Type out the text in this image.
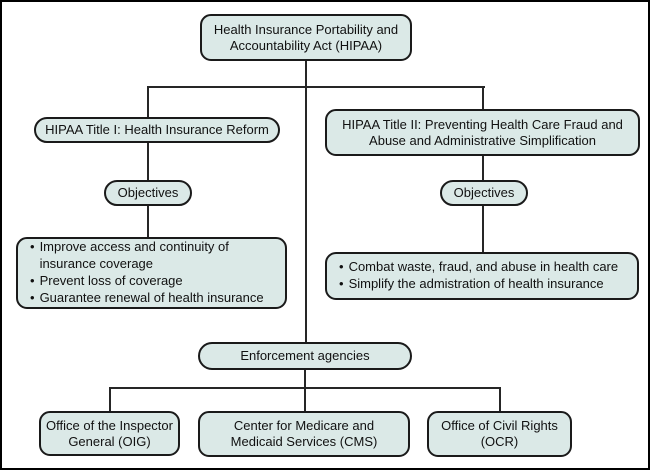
Health Insurance Portability and
Accountability Act (HIPAA)
HIPAA Title I: Health Insurance Reform	HIPAA Title II: Preventing Health Care Fraud and
Abuse and Administrative Simplification
Objectives	Objectives
• Improve access and continuity of insurance coverage
• Prevent loss of coverage
• Guarantee renewal of health insurance
• Combat waste, fraud, and abuse in health care
• Simplify the admistration of health insurance
Enforcement agencies
Office of the Inspector
General (OIG)
Center for Medicare and
Medicaid Services (CMS)
Office of Civil Rights
(OCR)
